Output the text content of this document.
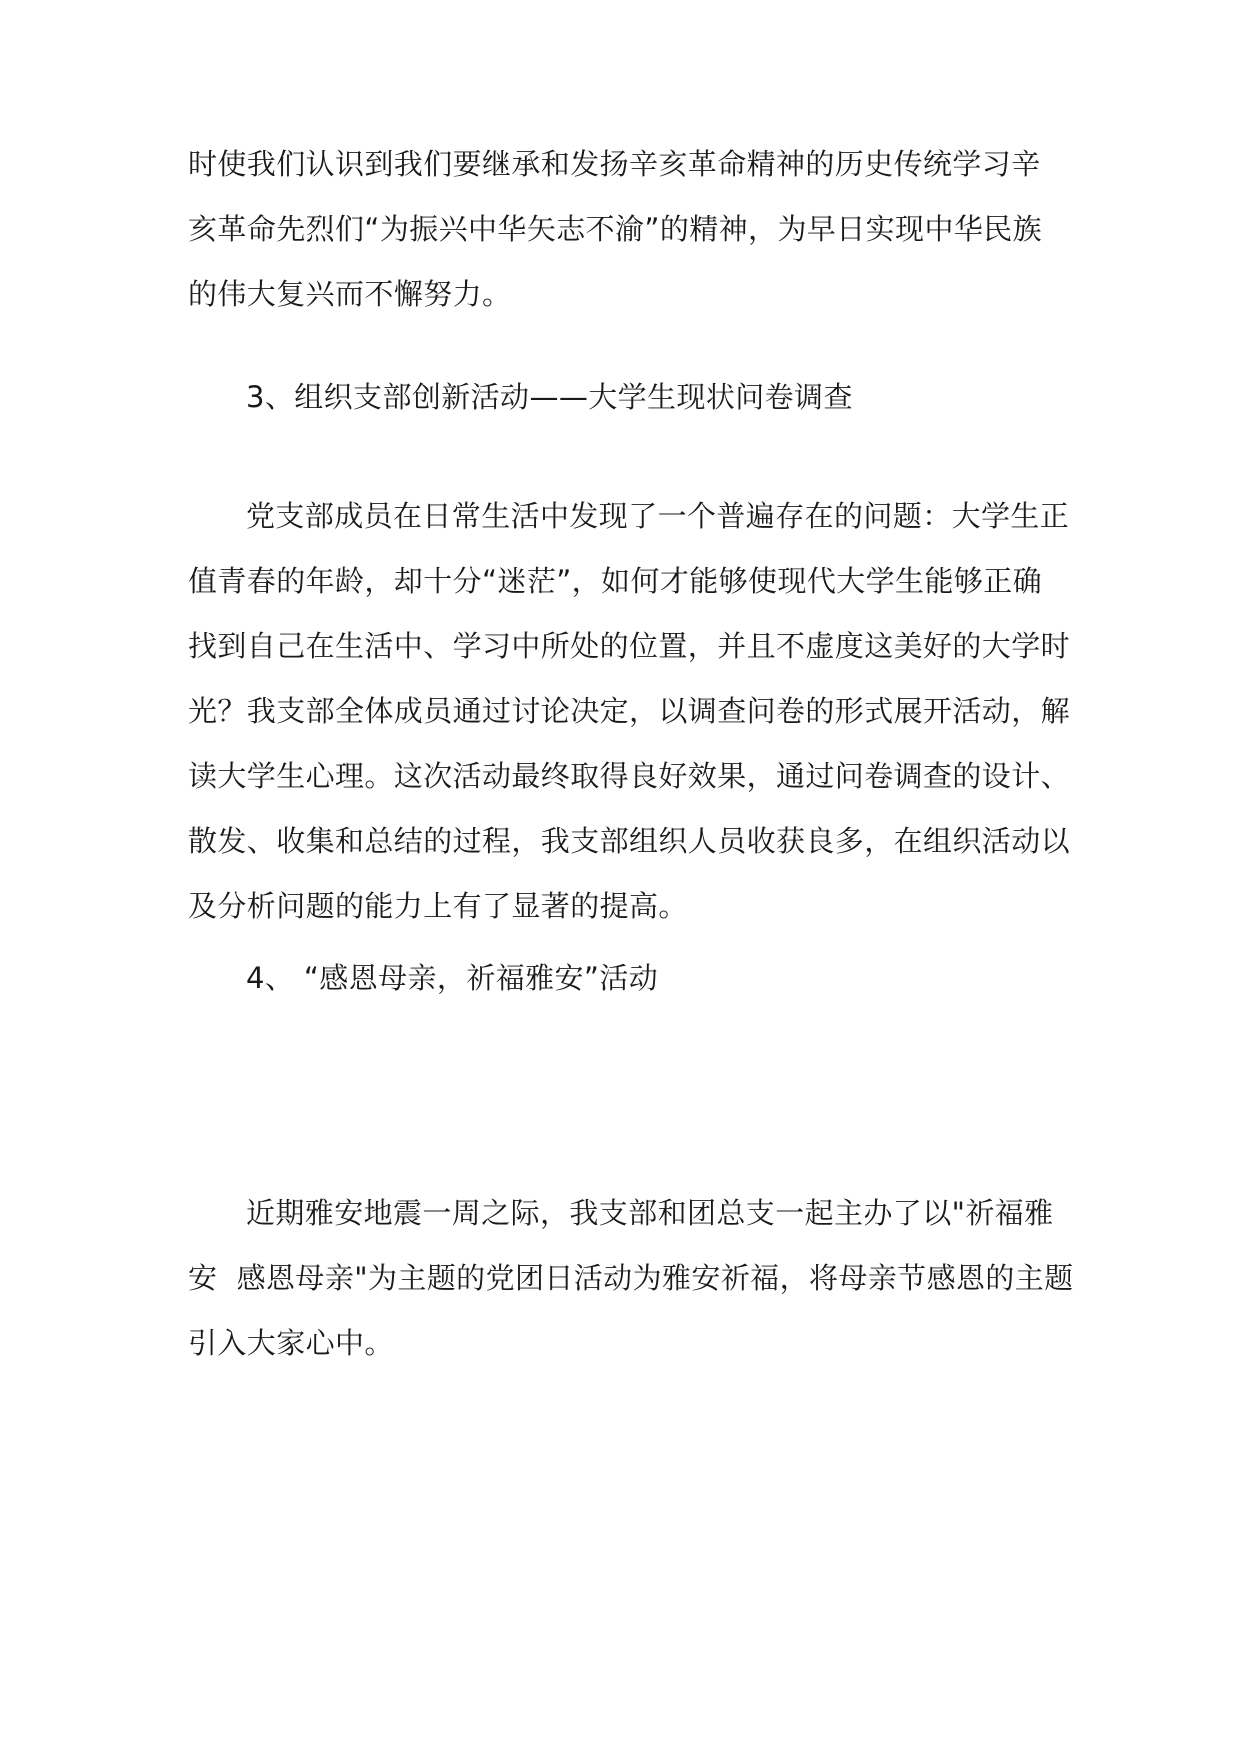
时使我们认识到我们要继承和发扬辛亥革命精神的历史传统学习辛
亥革命先烈们“为振兴中华矢志不渝”的精神，为早日实现中华民族
的伟大复兴而不懈努力。

3、组织支部创新活动——大学生现状问卷调查

党支部成员在日常生活中发现了一个普遍存在的问题：大学生正
值青春的年龄，却十分“迷茫”，如何才能够使现代大学生能够正确
找到自己在生活中、学习中所处的位置，并且不虚度这美好的大学时
光？我支部全体成员通过讨论决定，以调查问卷的形式展开活动，解
读大学生心理。这次活动最终取得良好效果，通过问卷调查的设计、
散发、收集和总结的过程，我支部组织人员收获良多，在组织活动以
及分析问题的能力上有了显著的提高。

4、 “感恩母亲，祈福雅安”活动

近期雅安地震一周之际，我支部和团总支一起主办了以"祈福雅
安  感恩母亲"为主题的党团日活动为雅安祈福，将母亲节感恩的主题
引入大家心中。
